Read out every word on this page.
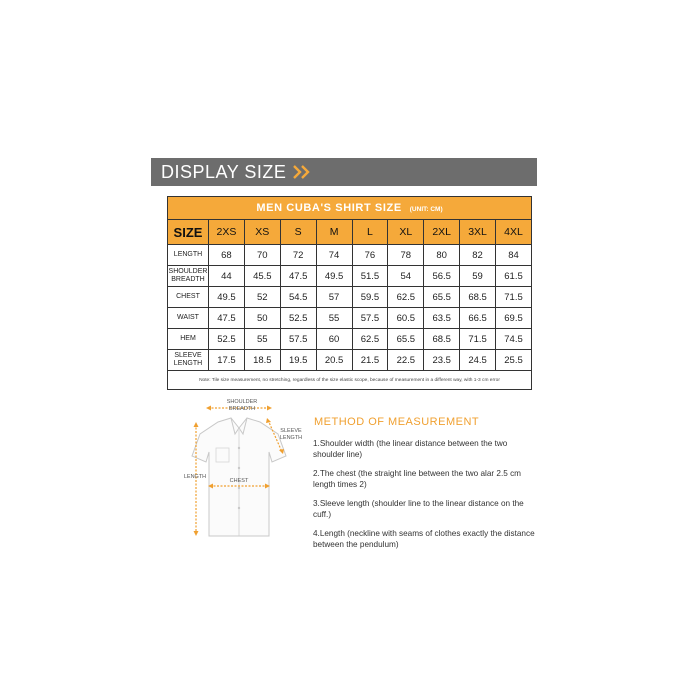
DISPLAY SIZE
MEN CUBA'S SHIRT SIZE (UNIT: CM)									
SIZE	2XS	XS	S	M	L	XL	2XL	3XL	4XL

LENGTH	68	70	72	74	76	78	80	82	84

SHOULDER
BREADTH	44	45.5	47.5	49.5	51.5	54	56.5	59	61.5

CHEST	49.5	52	54.5	57	59.5	62.5	65.5	68.5	71.5

WAIST	47.5	50	52.5	55	57.5	60.5	63.5	66.5	69.5

HEM	52.5	55	57.5	60	62.5	65.5	68.5	71.5	74.5

SLEEVE
LENGTH	17.5	18.5	19.5	20.5	21.5	22.5	23.5	24.5	25.5
Note: Tile size measurement, no stretching, regardless of the size elastic scope, because of measurement in a different way, with 1-3 cm error									
SHOULDER
BREADTH
SLEEVE
LENGTH
LENGTH
CHEST
METHOD OF MEASUREMENT
1.Shoulder width (the linear distance between the two shoulder line)
2.The chest (the straight line between the two alar 2.5 cm length times 2)
3.Sleeve length (shoulder line to the linear distance on the cuff.)
4.Length (neckline with seams of clothes exactly the distance between the pendulum)
